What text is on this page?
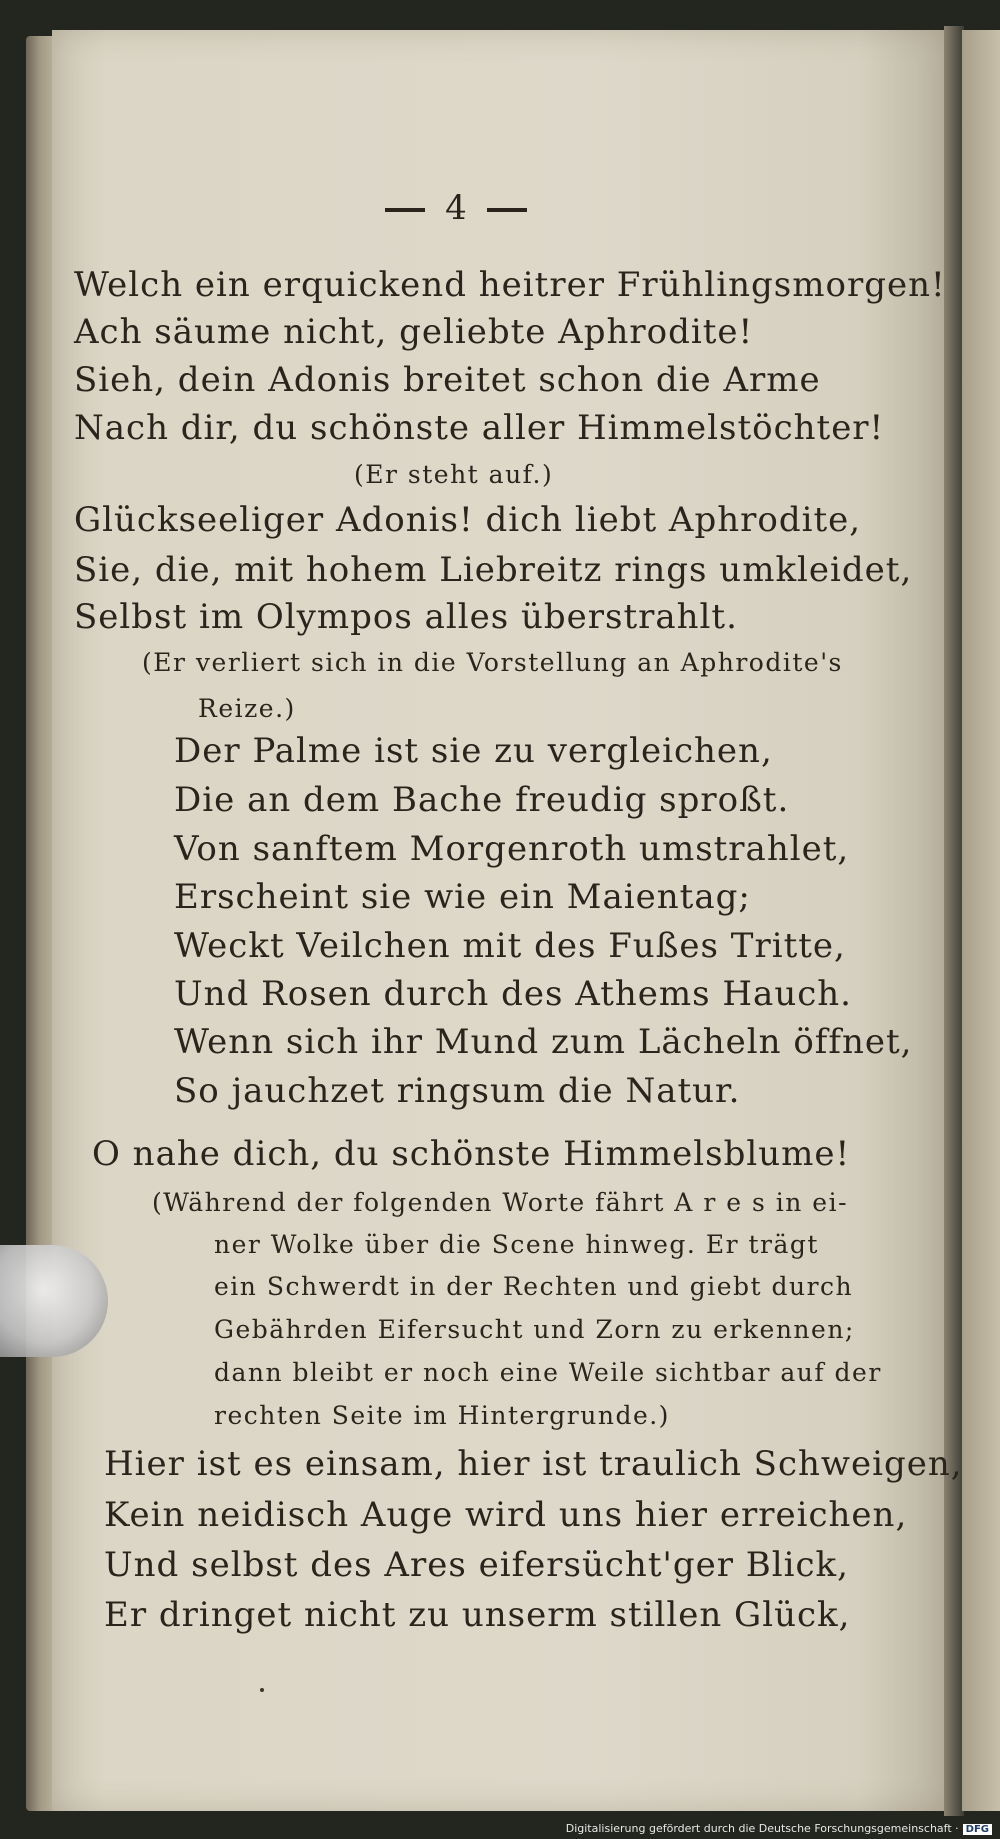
4
Welch ein erquickend heitrer Frühlingsmorgen!
Ach säume nicht, geliebte Aphrodite!
Sieh, dein Adonis breitet schon die Arme
Nach dir, du schönste aller Himmelstöchter!
(Er steht auf.)
Glückseeliger Adonis! dich liebt Aphrodite,
Sie, die, mit hohem Liebreitz rings umkleidet,
Selbst im Olympos alles überstrahlt.
(Er verliert sich in die Vorstellung an Aphrodite's
Reize.)
Der Palme ist sie zu vergleichen,
Die an dem Bache freudig sproßt.
Von sanftem Morgenroth umstrahlet,
Erscheint sie wie ein Maientag;
Weckt Veilchen mit des Fußes Tritte,
Und Rosen durch des Athems Hauch.
Wenn sich ihr Mund zum Lächeln öffnet,
So jauchzet ringsum die Natur.
O nahe dich, du schönste Himmelsblume!
(Während der folgenden Worte fährt A r e s in ei-
ner Wolke über die Scene hinweg. Er trägt
ein Schwerdt in der Rechten und giebt durch
Gebährden Eifersucht und Zorn zu erkennen;
dann bleibt er noch eine Weile sichtbar auf der
rechten Seite im Hintergrunde.)
Hier ist es einsam, hier ist traulich Schweigen,
Kein neidisch Auge wird uns hier erreichen,
Und selbst des Ares eifersücht'ger Blick,
Er dringet nicht zu unserm stillen Glück,
Digitalisierung gefördert durch die Deutsche Forschungsgemeinschaft · DFG
